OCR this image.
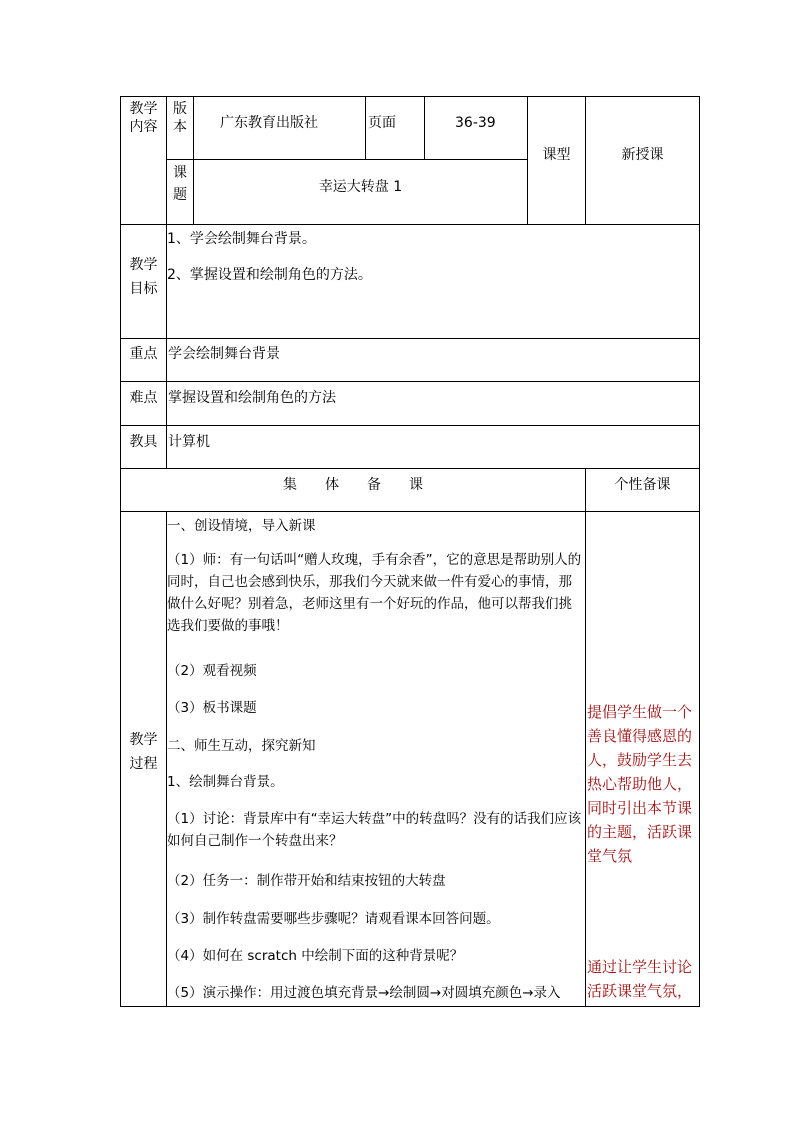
教学
内容
版
本	广东教育出版社	页面	36-39
课型	新授课
课
题	幸运大转盘 1
教学
目标
1、学会绘制舞台背景。
2、掌握设置和绘制角色的方法。
重点 学会绘制舞台背景
难点 掌握设置和绘制角色的方法
教具 计算机
集　　体　　备　　课	个性备课
教学
过程
一、创设情境，导入新课
（1）师：有一句话叫“赠人玫瑰，手有余香”，它的意思是帮助别人的同时，自己也会感到快乐，那我们今天就来做一件有爱心的事情，那做什么好呢？别着急，老师这里有一个好玩的作品，他可以帮我们挑选我们要做的事哦！
（2）观看视频
（3）板书课题
二、师生互动，探究新知
1、绘制舞台背景。
（1）讨论：背景库中有“幸运大转盘”中的转盘吗？没有的话我们应该如何自己制作一个转盘出来？
（2）任务一：制作带开始和结束按钮的大转盘
（3）制作转盘需要哪些步骤呢？请观看课本回答问题。
（4）如何在 scratch 中绘制下面的这种背景呢？
（5）演示操作：用过渡色填充背景→绘制圆→对圆填充颜色→录入
提倡学生做一个善良懂得感恩的人，鼓励学生去热心帮助他人，同时引出本节课的主题，活跃课堂气氛
通过让学生讨论活跃课堂气氛，
